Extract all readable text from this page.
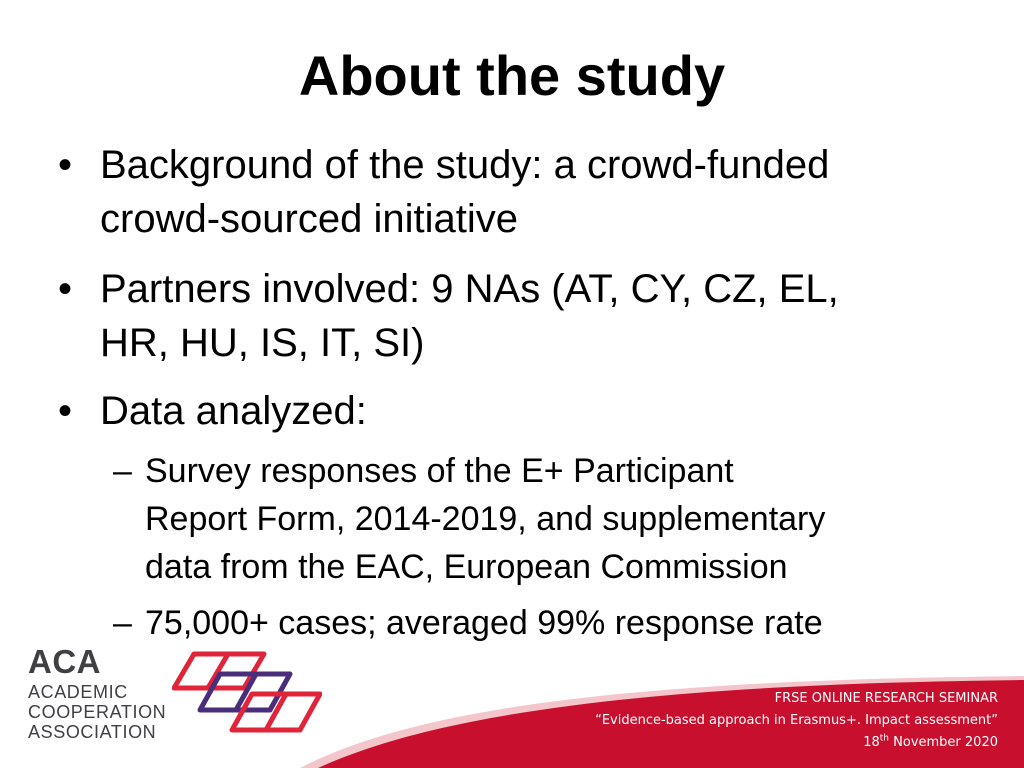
About the study
• Background of the study: a crowd-funded
crowd-sourced initiative
• Partners involved: 9 NAs (AT, CY, CZ, EL,
HR, HU, IS, IT, SI)
• Data analyzed:
– Survey responses of the E+ Participant
Report Form, 2014-2019, and supplementary
data from the EAC, European Commission
– 75,000+ cases; averaged 99% response rate
FRSE ONLINE RESEARCH SEMINAR
“Evidence-based approach in Erasmus+. Impact assessment”
18th November 2020
ACA
ACADEMIC
COOPERATION
ASSOCIATION
